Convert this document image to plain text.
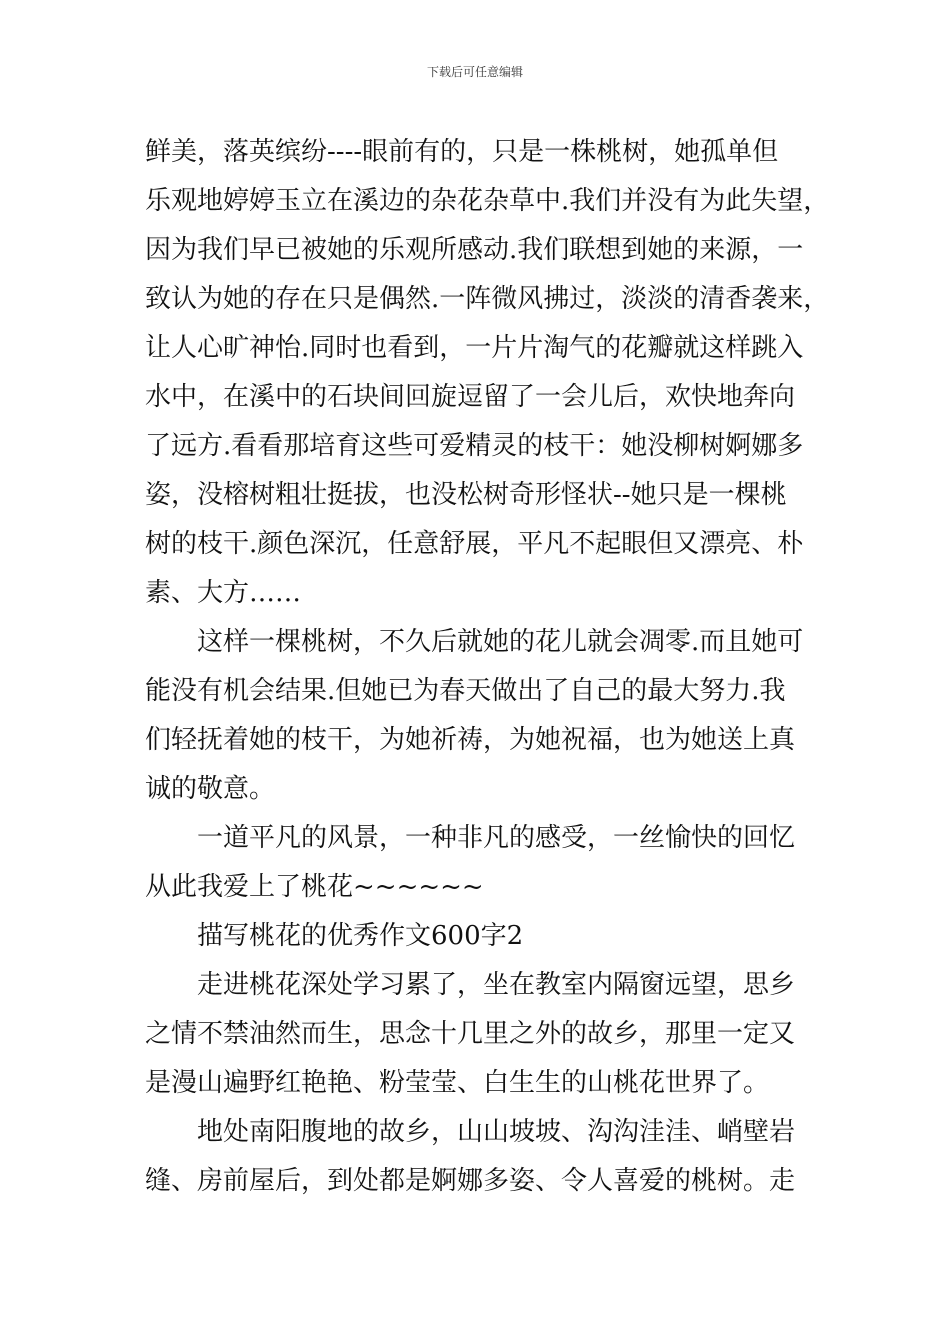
下载后可任意编辑
鲜美，落英缤纷----眼前有的，只是一株桃树，她孤单但
乐观地婷婷玉立在溪边的杂花杂草中.我们并没有为此失望，
因为我们早已被她的乐观所感动.我们联想到她的来源，一
致认为她的存在只是偶然.一阵微风拂过，淡淡的清香袭来，
让人心旷神怡.同时也看到，一片片淘气的花瓣就这样跳入
水中，在溪中的石块间回旋逗留了一会儿后，欢快地奔向
了远方.看看那培育这些可爱精灵的枝干：她没柳树婀娜多
姿，没榕树粗壮挺拔，也没松树奇形怪状--她只是一棵桃
树的枝干.颜色深沉，任意舒展，平凡不起眼但又漂亮、朴
素、大方……
　　这样一棵桃树，不久后就她的花儿就会凋零.而且她可
能没有机会结果.但她已为春天做出了自己的最大努力.我
们轻抚着她的枝干，为她祈祷，为她祝福，也为她送上真
诚的敬意。
　　一道平凡的风景，一种非凡的感受，一丝愉快的回忆
从此我爱上了桃花~~~~~~
　　描写桃花的优秀作文600字2
　　走进桃花深处学习累了，坐在教室内隔窗远望，思乡
之情不禁油然而生，思念十几里之外的故乡，那里一定又
是漫山遍野红艳艳、粉莹莹、白生生的山桃花世界了。
　　地处南阳腹地的故乡，山山坡坡、沟沟洼洼、峭壁岩
缝、房前屋后，到处都是婀娜多姿、令人喜爱的桃树。走
